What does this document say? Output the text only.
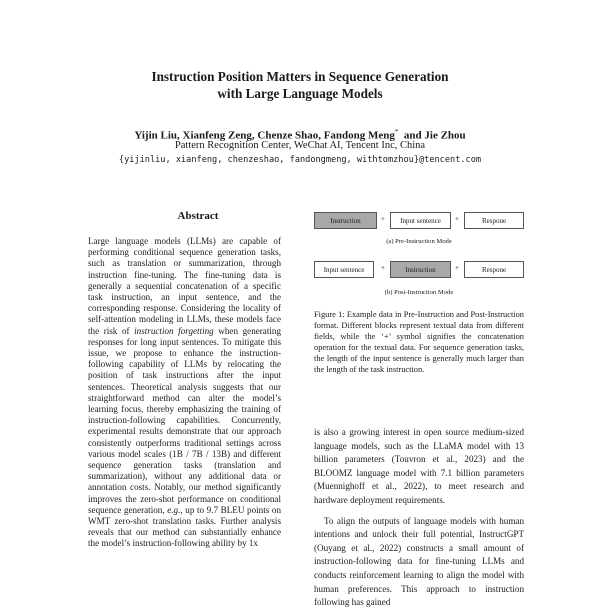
Instruction Position Matters in Sequence Generation
with Large Language Models
Yijin Liu, Xianfeng Zeng, Chenze Shao, Fandong Meng*  and Jie Zhou
Pattern Recognition Center, WeChat AI, Tencent Inc, China
{yijinliu, xianfeng, chenzeshao, fandongmeng, withtomzhou}@tencent.com
Abstract

Large language models (LLMs) are capable of performing conditional sequence generation tasks, such as translation or summarization, through instruction fine-tuning. The fine-tuning data is generally a sequential concatenation of a specific task instruction, an input sentence, and the corresponding response. Considering the locality of self-attention modeling in LLMs, these models face the risk of instruction forgetting when generating responses for long input sentences. To mitigate this issue, we propose to enhance the instruction-following capability of LLMs by relocating the position of task instructions after the input sentences. Theoretical analysis suggests that our straightforward method can alter the model’s learning focus, thereby emphasizing the training of instruction-following capabilities. Concurrently, experimental results demonstrate that our approach consistently outperforms traditional settings across various model scales (1B / 7B / 13B) and different sequence generation tasks (translation and summarization), without any additional data or annotation costs. Notably, our method significantly improves the zero-shot performance on conditional sequence generation, e.g., up to 9.7 BLEU points on WMT zero-shot translation tasks. Further analysis reveals that our method can substantially enhance the model’s instruction-following ability by 1x

Instruction	+	Input sentence	+	Respone
(a) Pre-Instruction Mode
Input sentence	+	Instruction	+	Respone
(b) Post-Instruction Mode
Figure 1: Example data in Pre-Instruction and Post-Instruction format. Different blocks represent textual data from different fields, while the ‘+’ symbol signifies the concatenation operation for the textual data. For sequence generation tasks, the length of the input sentence is generally much larger than the length of the task instruction.

is also a growing interest in open source medium-sized language models, such as the LLaMA model with 13 billion parameters (Touvron et al., 2023) and the BLOOMZ language model with 7.1 billion parameters (Muennighoff et al., 2022), to meet research and hardware deployment requirements.

To align the outputs of language models with human intentions and unlock their full potential, InstructGPT (Ouyang et al., 2022) constructs a small amount of instruction-following data for fine-tuning LLMs and conducts reinforcement learning to align the model with human preferences. This approach to instruction following has gained
